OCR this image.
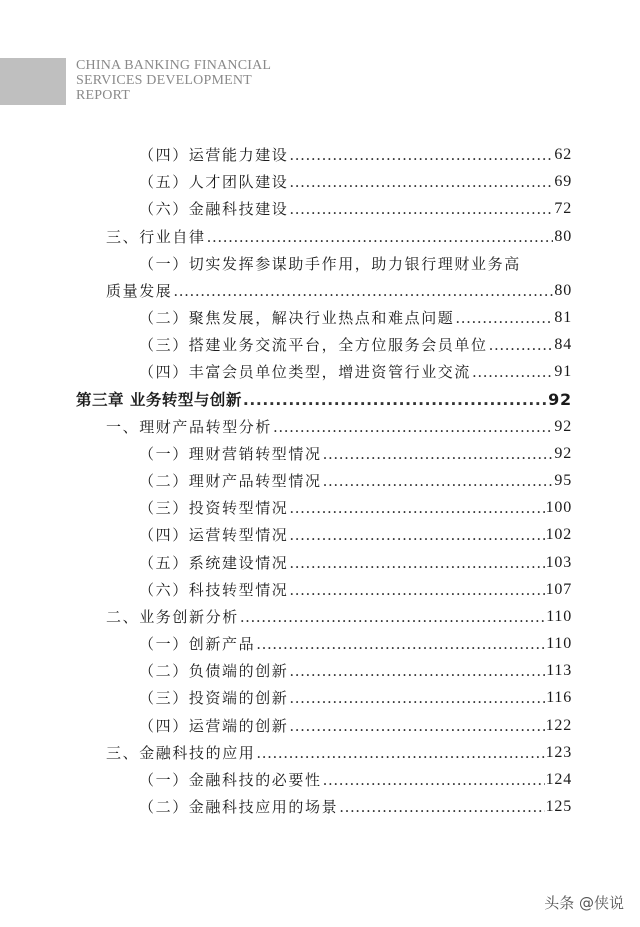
CHINA BANKING FINANCIAL
SERVICES DEVELOPMENT
REPORT
（四）运营能力建设 .....	62
（五）人才团队建设 .....	69
（六）金融科技建设 .....	72
三、行业自律 .....	80
（一）切实发挥参谋助手作用，助力银行理财业务高
质量发展 .....	80
（二）聚焦发展，解决行业热点和难点问题 .....	81
（三）搭建业务交流平台，全方位服务会员单位 .....	84
（四）丰富会员单位类型，增进资管行业交流 .....	91
第三章 业务转型与创新 .....	92
一、理财产品转型分析 .....	92
（一）理财营销转型情况 .....	92
（二）理财产品转型情况 .....	95
（三）投资转型情况 .....	100
（四）运营转型情况 .....	102
（五）系统建设情况 .....	103
（六）科技转型情况 .....	107
二、业务创新分析 .....	110
（一）创新产品 .....	110
（二）负债端的创新 .....	113
（三）投资端的创新 .....	116
（四）运营端的创新 .....	122
三、金融科技的应用 .....	123
（一）金融科技的必要性 .....	124
（二）金融科技应用的场景 .....	125
头条 @侠说
